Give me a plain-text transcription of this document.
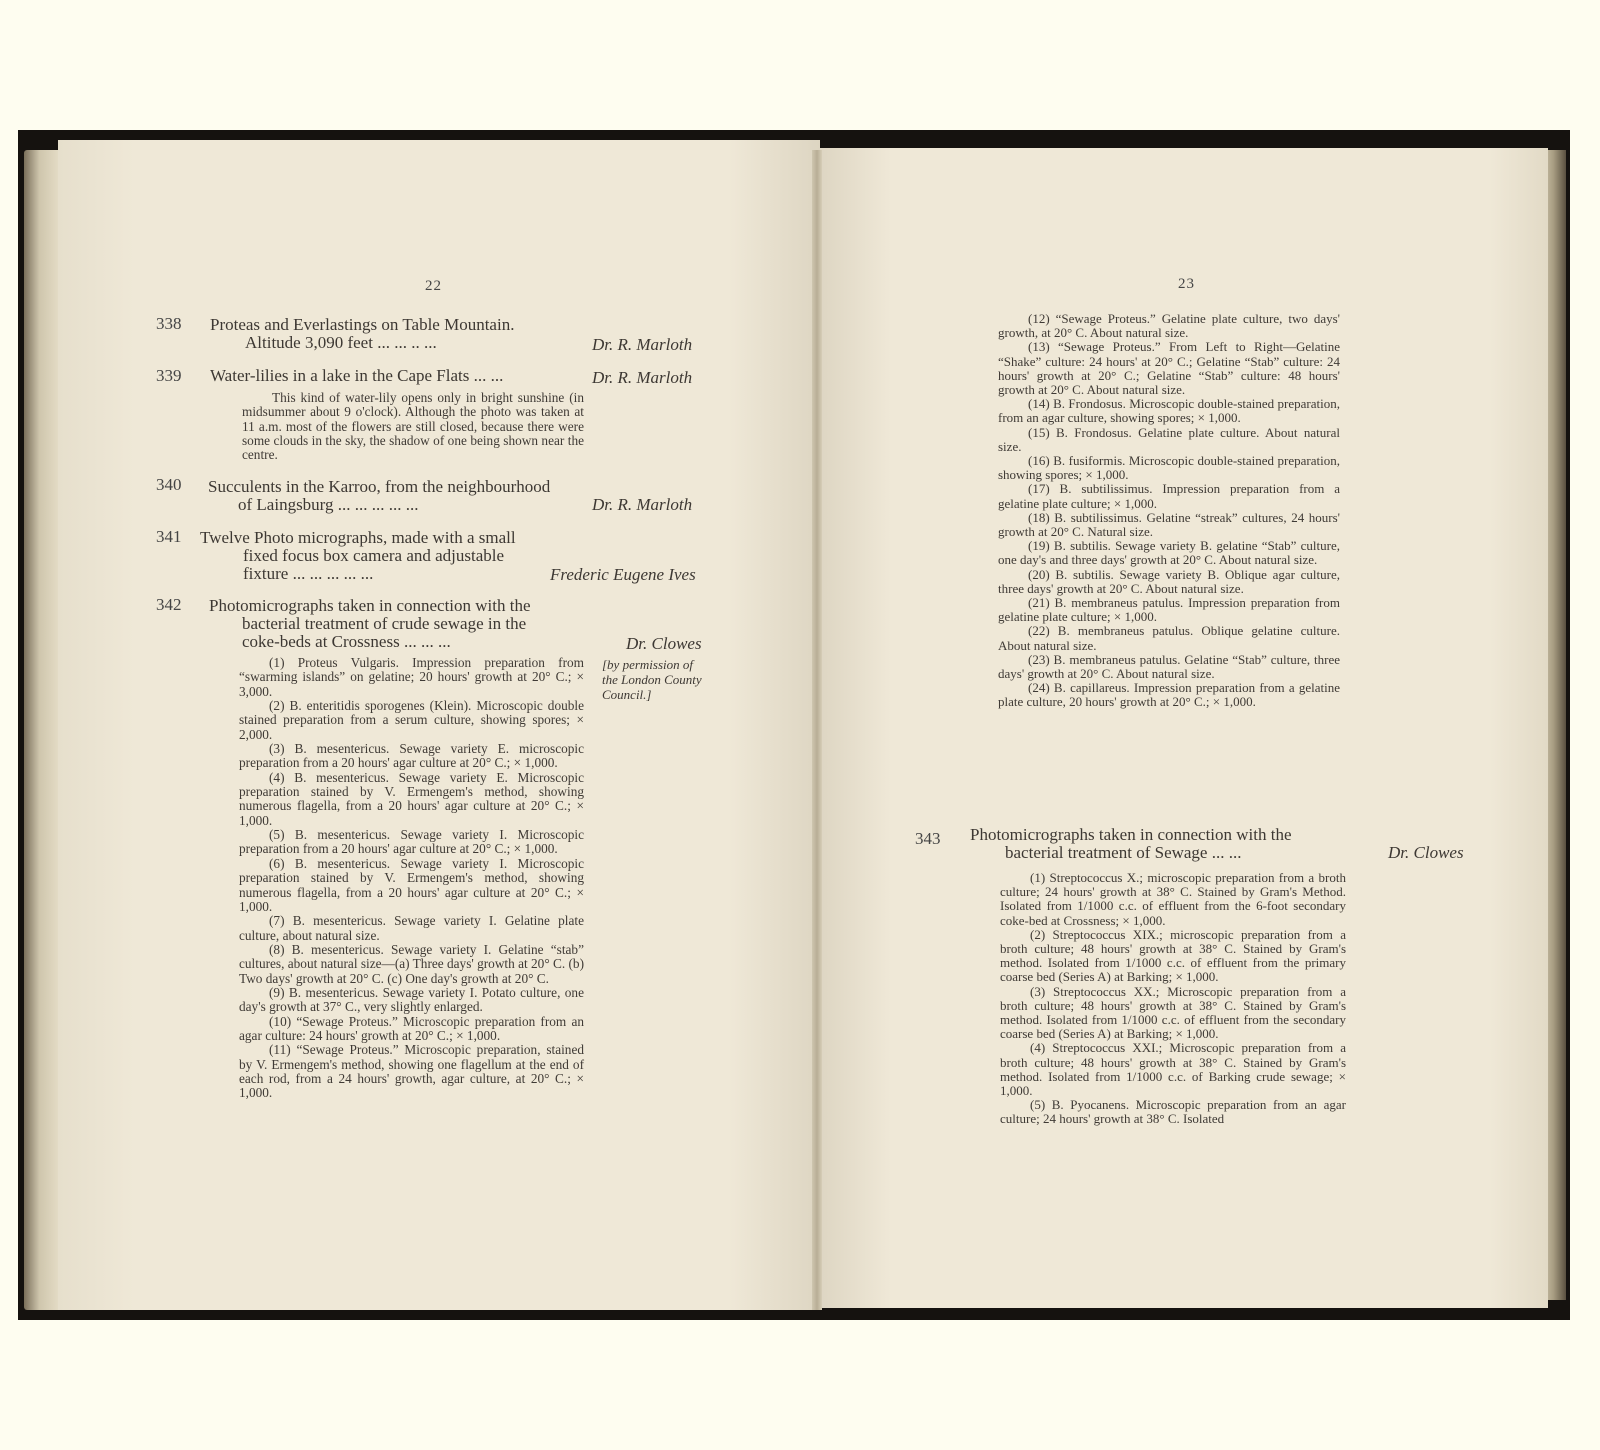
22
338 Proteas and Everlastings on Table Mountain.
Altitude 3,090 feet ... ... .. ...	Dr. R. Marloth
339 Water-lilies in a lake in the Cape Flats ... ...	Dr. R. Marloth

This kind of water-lily opens only in bright sunshine (in midsummer about 9 o'clock). Although the photo was taken at 11 a.m. most of the flowers are still closed, because there were some clouds in the sky, the shadow of one being shown near the centre.

340 Succulents in the Karroo, from the neighbourhood
of Laingsburg ... ... ... ... ...	Dr. R. Marloth
341 Twelve Photo micrographs, made with a small
fixed focus box camera and adjustable
fixture ... ... ... ... ...	Frederic Eugene Ives
342 Photomicrographs taken in connection with the
bacterial treatment of crude sewage in the
coke-beds at Crossness ... ... ...	Dr. Clowes
[by permission of the London County Council.]

(1) Proteus Vulgaris. Impression preparation from “swarming islands” on gelatine; 20 hours' growth at 20° C.; × 3,000.

(2) B. enteritidis sporogenes (Klein). Microscopic double stained preparation from a serum culture, showing spores; × 2,000.

(3) B. mesentericus. Sewage variety E. microscopic preparation from a 20 hours' agar culture at 20° C.; × 1,000.

(4) B. mesentericus. Sewage variety E. Microscopic preparation stained by V. Ermengem's method, showing numerous flagella, from a 20 hours' agar culture at 20° C.; × 1,000.

(5) B. mesentericus. Sewage variety I. Microscopic preparation from a 20 hours' agar culture at 20° C.; × 1,000.

(6) B. mesentericus. Sewage variety I. Microscopic preparation stained by V. Ermengem's method, showing numerous flagella, from a 20 hours' agar culture at 20° C.; × 1,000.

(7) B. mesentericus. Sewage variety I. Gelatine plate culture, about natural size.

(8) B. mesentericus. Sewage variety I. Gelatine “stab” cultures, about natural size—(a) Three days' growth at 20° C. (b) Two days' growth at 20° C. (c) One day's growth at 20° C.

(9) B. mesentericus. Sewage variety I. Potato culture, one day's growth at 37° C., very slightly enlarged.

(10) “Sewage Proteus.” Microscopic preparation from an agar culture: 24 hours' growth at 20° C.; × 1,000.

(11) “Sewage Proteus.” Microscopic preparation, stained by V. Ermengem's method, showing one flagellum at the end of each rod, from a 24 hours' growth, agar culture, at 20° C.; × 1,000.

23

(12) “Sewage Proteus.” Gelatine plate culture, two days' growth, at 20° C. About natural size.

(13) “Sewage Proteus.” From Left to Right—Gelatine “Shake” culture: 24 hours' at 20° C.; Gelatine “Stab” culture: 24 hours' growth at 20° C.; Gelatine “Stab” culture: 48 hours' growth at 20° C. About natural size.

(14) B. Frondosus. Microscopic double-stained preparation, from an agar culture, showing spores; × 1,000.

(15) B. Frondosus. Gelatine plate culture. About natural size.

(16) B. fusiformis. Microscopic double-stained preparation, showing spores; × 1,000.

(17) B. subtilissimus. Impression preparation from a gelatine plate culture; × 1,000.

(18) B. subtilissimus. Gelatine “streak” cultures, 24 hours' growth at 20° C. Natural size.

(19) B. subtilis. Sewage variety B. gelatine “Stab” culture, one day's and three days' growth at 20° C. About natural size.

(20) B. subtilis. Sewage variety B. Oblique agar culture, three days' growth at 20° C. About natural size.

(21) B. membraneus patulus. Impression preparation from gelatine plate culture; × 1,000.

(22) B. membraneus patulus. Oblique gelatine culture. About natural size.

(23) B. membraneus patulus. Gelatine “Stab” culture, three days' growth at 20° C. About natural size.

(24) B. capillareus. Impression preparation from a gelatine plate culture, 20 hours' growth at 20° C.; × 1,000.

343 Photomicrographs taken in connection with the
bacterial treatment of Sewage ... ...	Dr. Clowes

(1) Streptococcus X.; microscopic preparation from a broth culture; 24 hours' growth at 38° C. Stained by Gram's Method. Isolated from 1/1000 c.c. of effluent from the 6-foot secondary coke-bed at Crossness; × 1,000.

(2) Streptococcus XIX.; microscopic preparation from a broth culture; 48 hours' growth at 38° C. Stained by Gram's method. Isolated from 1/1000 c.c. of effluent from the primary coarse bed (Series A) at Barking; × 1,000.

(3) Streptococcus XX.; Microscopic preparation from a broth culture; 48 hours' growth at 38° C. Stained by Gram's method. Isolated from 1/1000 c.c. of effluent from the secondary coarse bed (Series A) at Barking; × 1,000.

(4) Streptococcus XXI.; Microscopic preparation from a broth culture; 48 hours' growth at 38° C. Stained by Gram's method. Isolated from 1/1000 c.c. of Barking crude sewage; × 1,000.

(5) B. Pyocanens. Microscopic preparation from an agar culture; 24 hours' growth at 38° C. Isolated
